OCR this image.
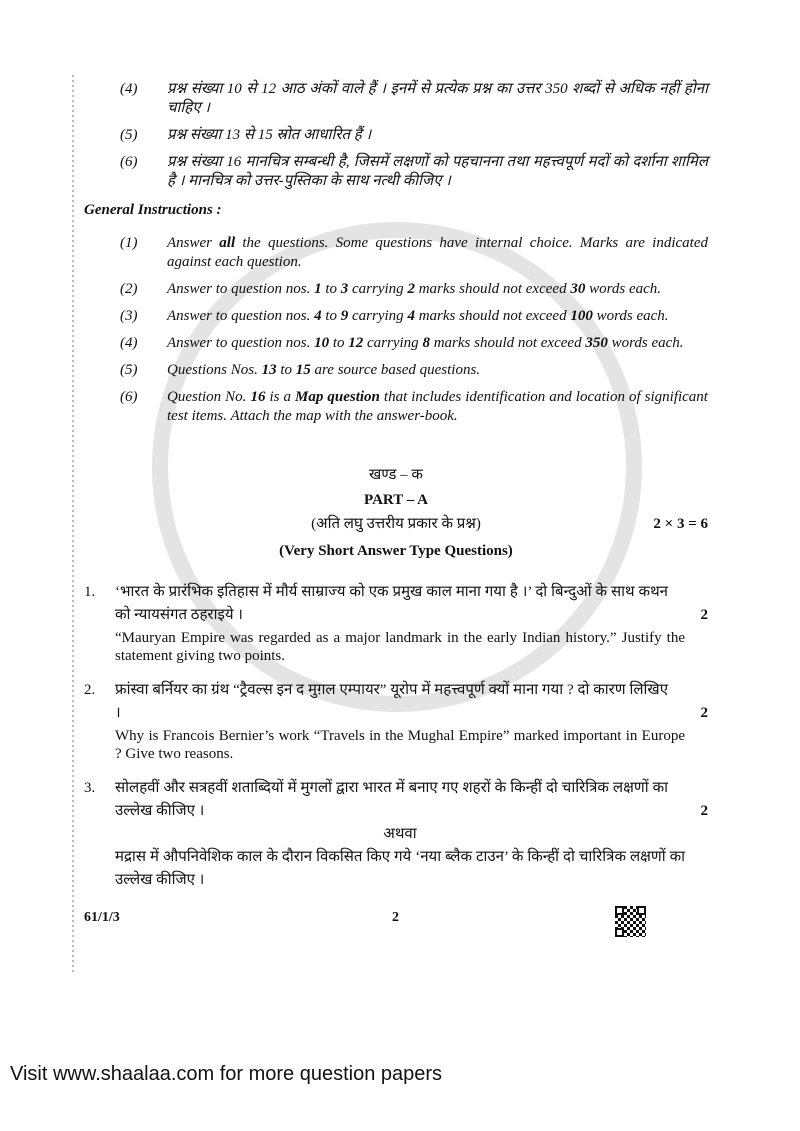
(4)	प्रश्न संख्या 10 से 12 आठ अंकों वाले हैं । इनमें से प्रत्येक प्रश्न का उत्तर 350 शब्दों से अधिक नहीं होना चाहिए ।
(5)	प्रश्न संख्या 13 से 15 स्रोत आधारित हैं ।
(6)	प्रश्न संख्या 16 मानचित्र सम्बन्धी है, जिसमें लक्षणों को पहचानना तथा महत्त्वपूर्ण मदों को दर्शाना शामिल है । मानचित्र को उत्तर-पुस्तिका के साथ नत्थी कीजिए ।
General Instructions :
(1)	Answer all the questions. Some questions have internal choice. Marks are indicated against each question.
(2)	Answer to question nos. 1 to 3 carrying 2 marks should not exceed 30 words each.
(3)	Answer to question nos. 4 to 9 carrying 4 marks should not exceed 100 words each.
(4)	Answer to question nos. 10 to 12 carrying 8 marks should not exceed 350 words each.
(5)	Questions Nos. 13 to 15 are source based questions.
(6)	Question No. 16 is a Map question that includes identification and location of significant test items. Attach the map with the answer-book.
खण्ड – क
PART – A
(अति लघु उत्तरीय प्रकार के प्रश्न)	2 × 3 = 6
(Very Short Answer Type Questions)
1.	‘भारत के प्रारंभिक इतिहास में मौर्य साम्राज्य को एक प्रमुख काल माना गया है ।’ दो बिन्दुओं के साथ कथन को न्यायसंगत ठहराइये ।	2
“Mauryan Empire was regarded as a major landmark in the early Indian history.” Justify the statement giving two points.
2.	फ्रांस्वा बर्नियर का ग्रंथ “ट्रैवल्स इन द मुग़ल एम्पायर” यूरोप में महत्त्वपूर्ण क्यों माना गया ? दो कारण लिखिए ।	2
Why is Francois Bernier’s work “Travels in the Mughal Empire” marked important in Europe ? Give two reasons.
3.	सोलहवीं और सत्रहवीं शताब्दियों में मुगलों द्वारा भारत में बनाए गए शहरों के किन्हीं दो चारित्रिक लक्षणों का उल्लेख कीजिए ।	2
अथवा
मद्रास में औपनिवेशिक काल के दौरान विकसित किए गये ‘नया ब्लैक टाउन’ के किन्हीं दो चारित्रिक लक्षणों का उल्लेख कीजिए ।
61/1/3	2
Visit www.shaalaa.com for more question papers
